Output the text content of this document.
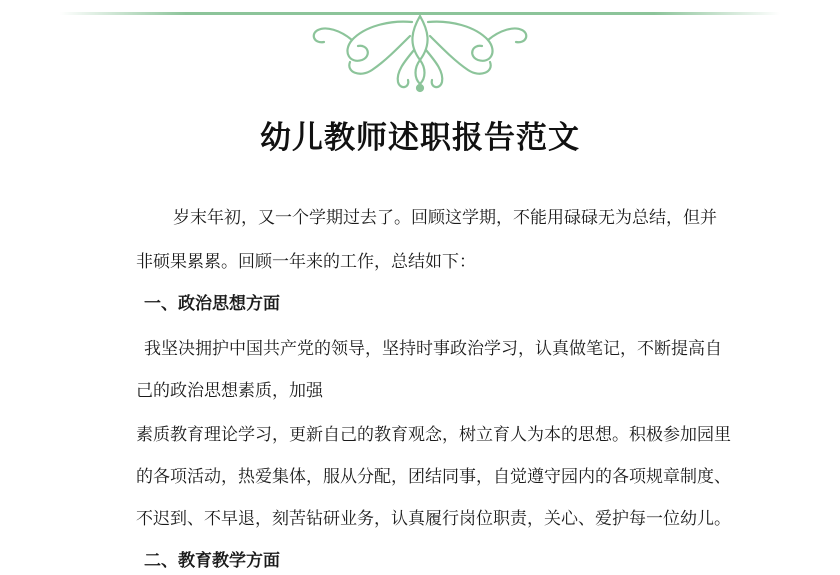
幼儿教师述职报告范文

岁末年初，又一个学期过去了。回顾这学期，不能用碌碌无为总结，但并

非硕果累累。回顾一年来的工作，总结如下：

一、政治思想方面

我坚决拥护中国共产党的领导，坚持时事政治学习，认真做笔记，不断提高自

己的政治思想素质，加强

素质教育理论学习，更新自己的教育观念，树立育人为本的思想。积极参加园里

的各项活动，热爱集体，服从分配，团结同事，自觉遵守园内的各项规章制度、

不迟到、不早退，刻苦钻研业务，认真履行岗位职责，关心、爱护每一位幼儿。

二、教育教学方面
